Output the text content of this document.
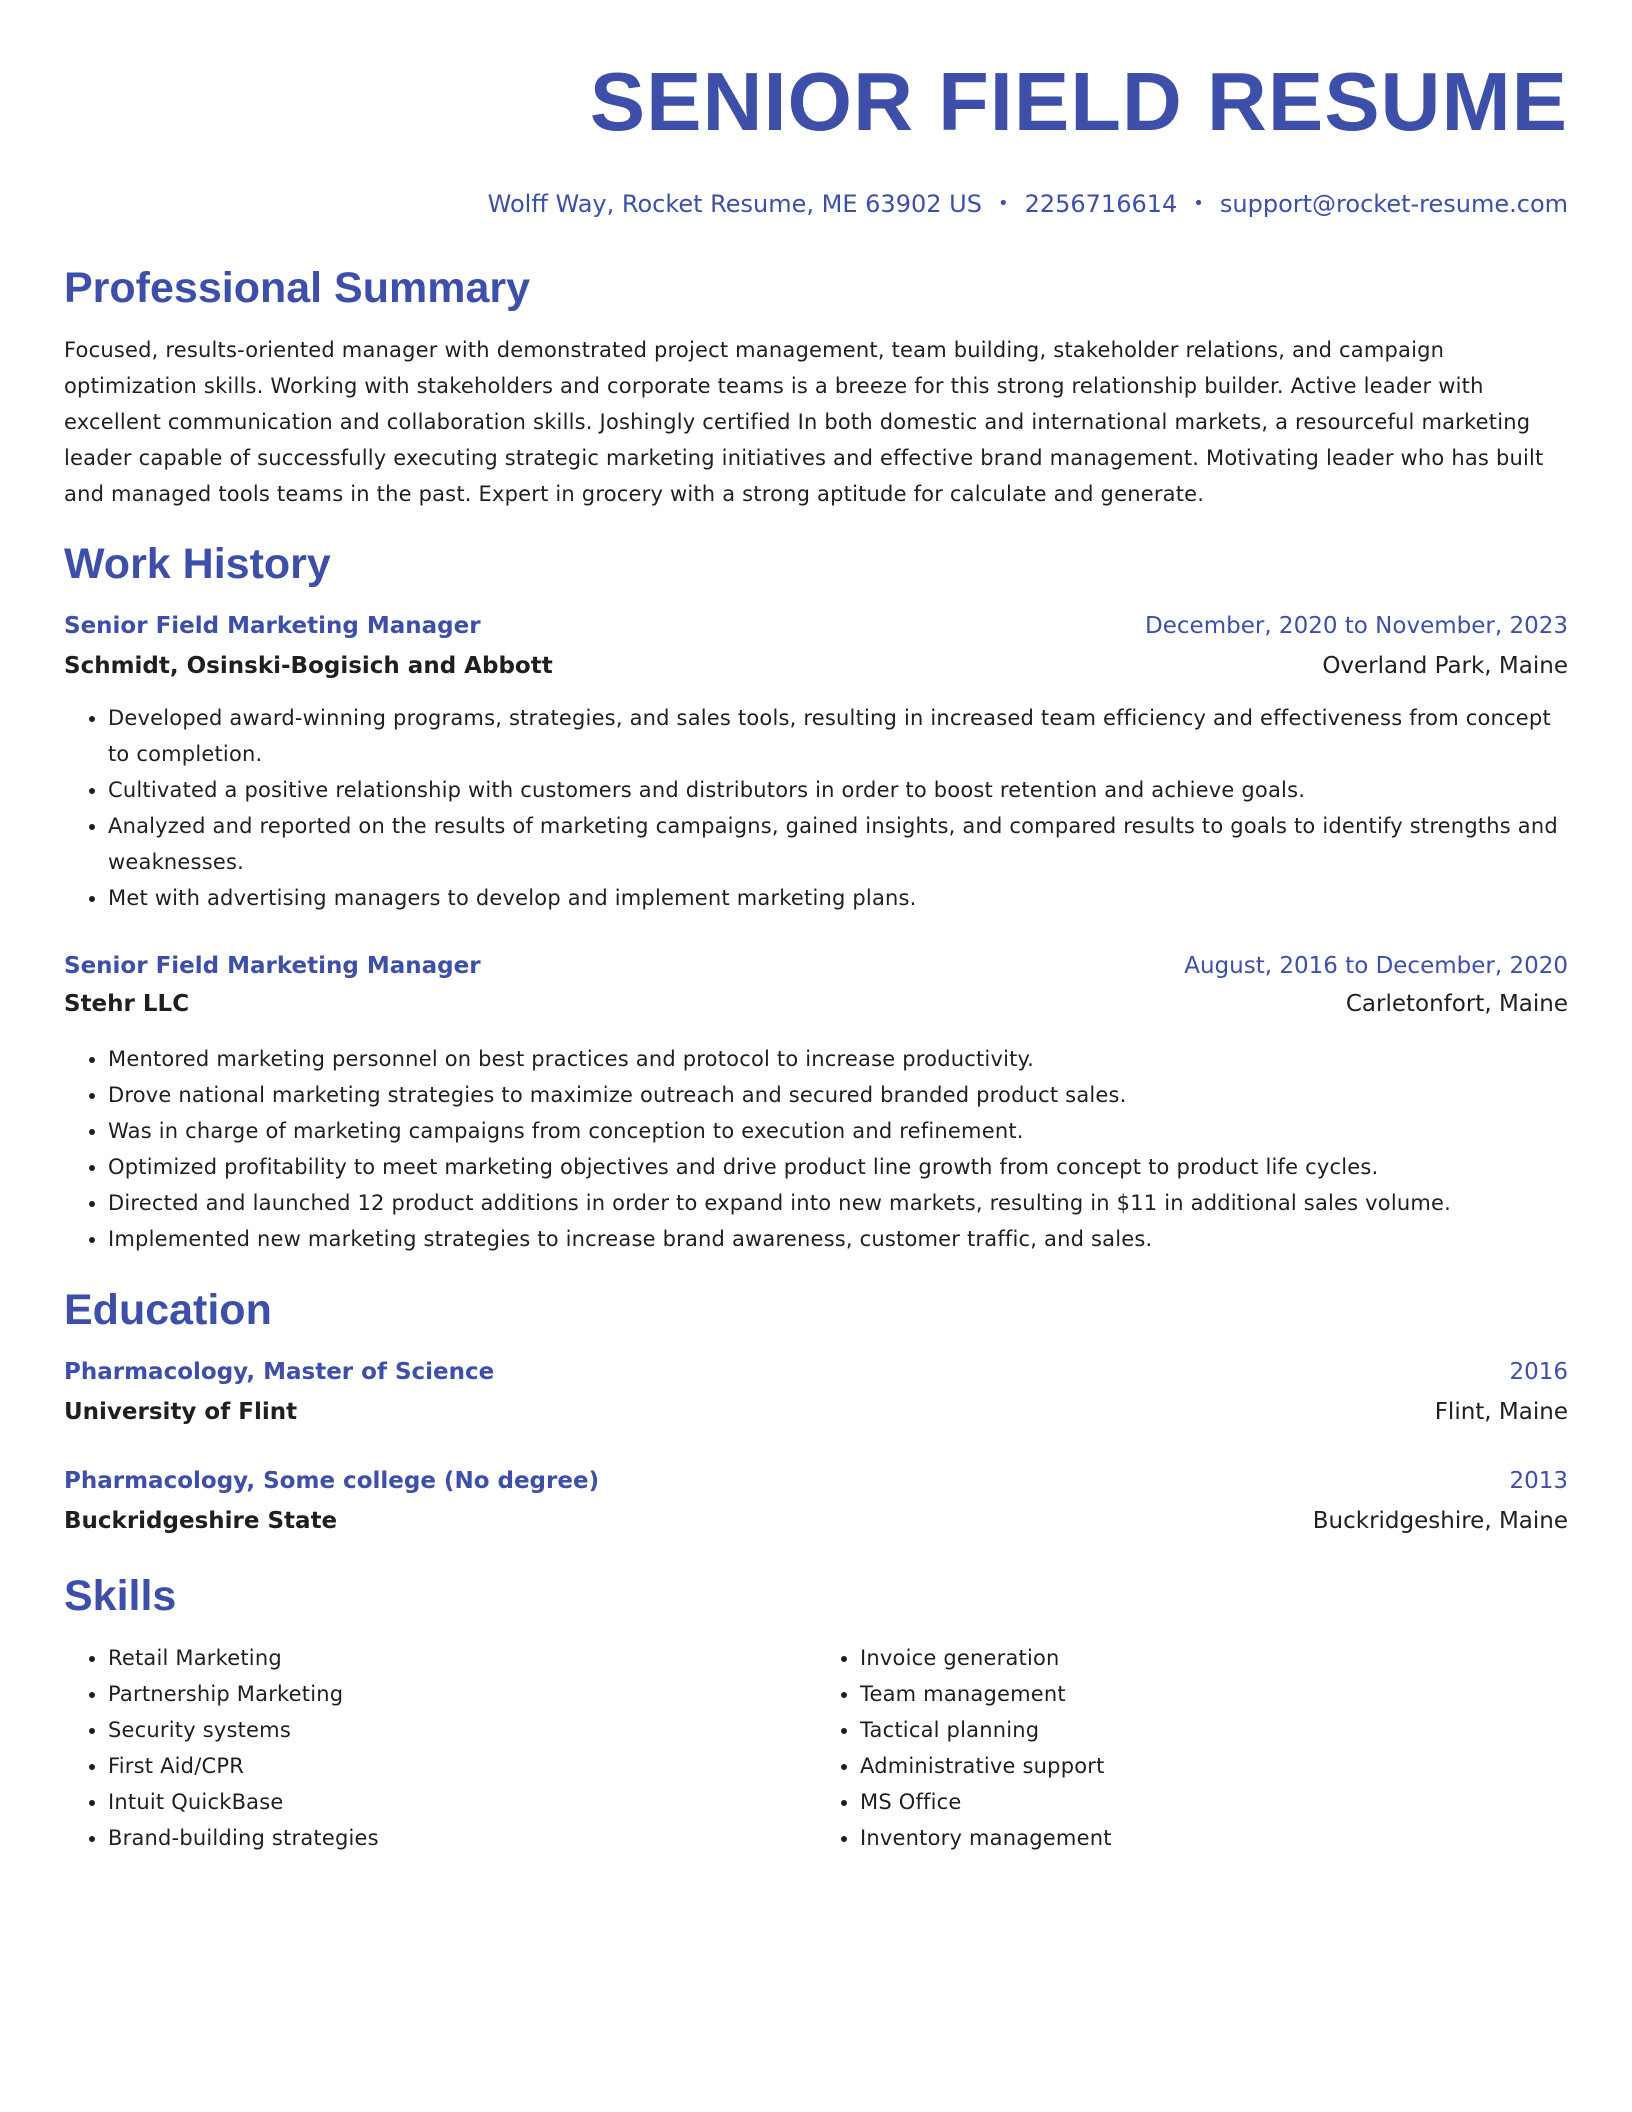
SENIOR FIELD RESUME
Wolff Way, Rocket Resume, ME 63902 US • 2256716614 • support@rocket-resume.com
Professional Summary

Focused, results-oriented manager with demonstrated project management, team building, stakeholder relations, and campaign optimization skills. Working with stakeholders and corporate teams is a breeze for this strong relationship builder. Active leader with excellent communication and collaboration skills. Joshingly certified In both domestic and international markets, a resourceful marketing leader capable of successfully executing strategic marketing initiatives and effective brand management. Motivating leader who has built and managed tools teams in the past. Expert in grocery with a strong aptitude for calculate and generate.

Work History
Senior Field Marketing Manager	December, 2020 to November, 2023
Schmidt, Osinski-Bogisich and Abbott	Overland Park, Maine
• Developed award-winning programs, strategies, and sales tools, resulting in increased team efficiency and effectiveness from concept to completion.
• Cultivated a positive relationship with customers and distributors in order to boost retention and achieve goals.
• Analyzed and reported on the results of marketing campaigns, gained insights, and compared results to goals to identify strengths and weaknesses.
• Met with advertising managers to develop and implement marketing plans.
Senior Field Marketing Manager	August, 2016 to December, 2020
Stehr LLC	Carletonfort, Maine
• Mentored marketing personnel on best practices and protocol to increase productivity.
• Drove national marketing strategies to maximize outreach and secured branded product sales.
• Was in charge of marketing campaigns from conception to execution and refinement.
• Optimized profitability to meet marketing objectives and drive product line growth from concept to product life cycles.
• Directed and launched 12 product additions in order to expand into new markets, resulting in $11 in additional sales volume.
• Implemented new marketing strategies to increase brand awareness, customer traffic, and sales.
Education
Pharmacology, Master of Science	2016
University of Flint	Flint, Maine
Pharmacology, Some college (No degree)	2013
Buckridgeshire State	Buckridgeshire, Maine
Skills
• Retail Marketing
• Partnership Marketing
• Security systems
• First Aid/CPR
• Intuit QuickBase
• Brand-building strategies
• Invoice generation
• Team management
• Tactical planning
• Administrative support
• MS Office
• Inventory management
